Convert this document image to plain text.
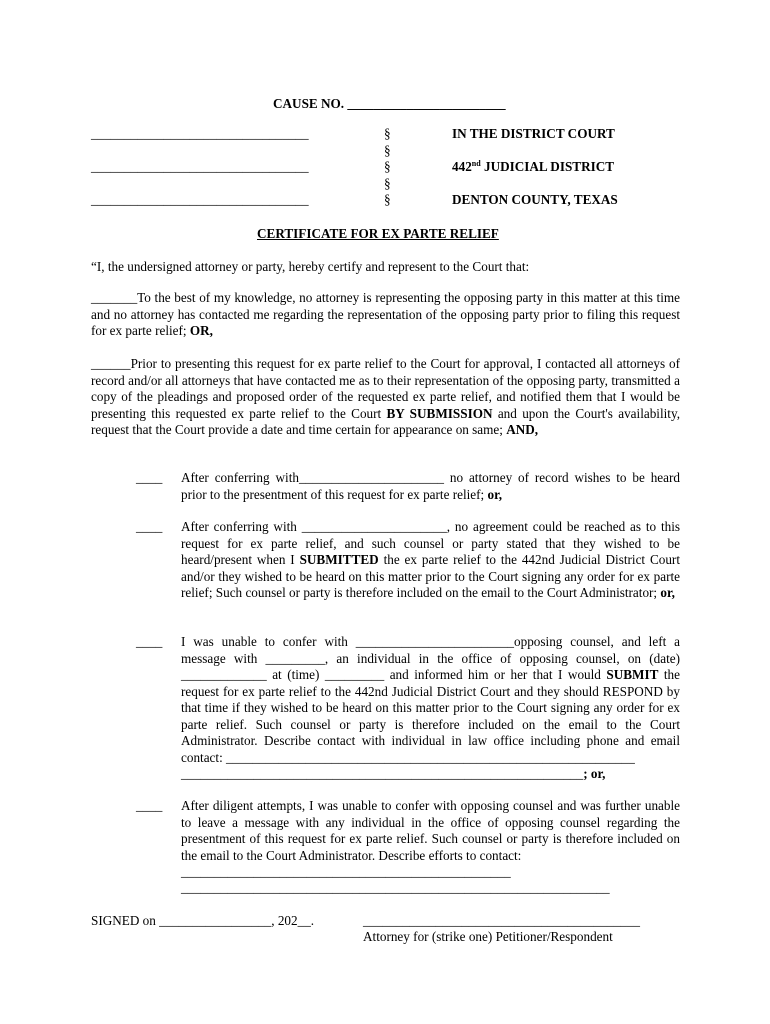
CAUSE NO. ________________________
_________________________________
_________________________________
_________________________________
§
§
§
§
§
IN THE DISTRICT COURT
442nd JUDICIAL DISTRICT
DENTON COUNTY, TEXAS
CERTIFICATE FOR EX PARTE RELIEF
“I, the undersigned attorney or party, hereby certify and represent to the Court that:
_______To the best of my knowledge, no attorney is representing the opposing party in this matter at this time and no attorney has contacted me regarding the representation of the opposing party prior to filing this request for ex parte relief; OR,
______Prior to presenting this request for ex parte relief to the Court for approval, I contacted all attorneys of record and/or all attorneys that have contacted me as to their representation of the opposing party, transmitted a copy of the pleadings and proposed order of the requested ex parte relief, and notified them that I would be presenting this requested ex parte relief to the Court BY SUBMISSION and upon the Court's availability, request that the Court provide a date and time certain for appearance on same; AND,
____ After conferring with______________________ no attorney of record wishes to be heard prior to the presentment of this request for ex parte relief; or,
____ After conferring with ______________________, no agreement could be reached as to this request for ex parte relief, and such counsel or party stated that they wished to be heard/present when I SUBMITTED the ex parte relief to the 442nd Judicial District Court and/or they wished to be heard on this matter prior to the Court signing any order for ex parte relief; Such counsel or party is therefore included on the email to the Court Administrator; or,
____ I was unable to confer with ________________________opposing counsel, and left a message with _________, an individual in the office of opposing counsel, on (date) _____________ at (time) _________ and informed him or her that I would SUBMIT the request for ex parte relief to the 442nd Judicial District Court and they should RESPOND by that time if they wished to be heard on this matter prior to the Court signing any order for ex parte relief. Such counsel or party is therefore included on the email to the Court Administrator. Describe contact with individual in law office including phone and email contact: ______________________________________________________________
_____________________________________________________________; or,
____ After diligent attempts, I was unable to confer with opposing counsel and was further unable to leave a message with any individual in the office of opposing counsel regarding the presentment of this request for ex parte relief. Such counsel or party is therefore included on the email to the Court Administrator. Describe efforts to contact:
__________________________________________________
_________________________________________________________________
SIGNED on _________________, 202__.	__________________________________________
Attorney for (strike one) Petitioner/Respondent
